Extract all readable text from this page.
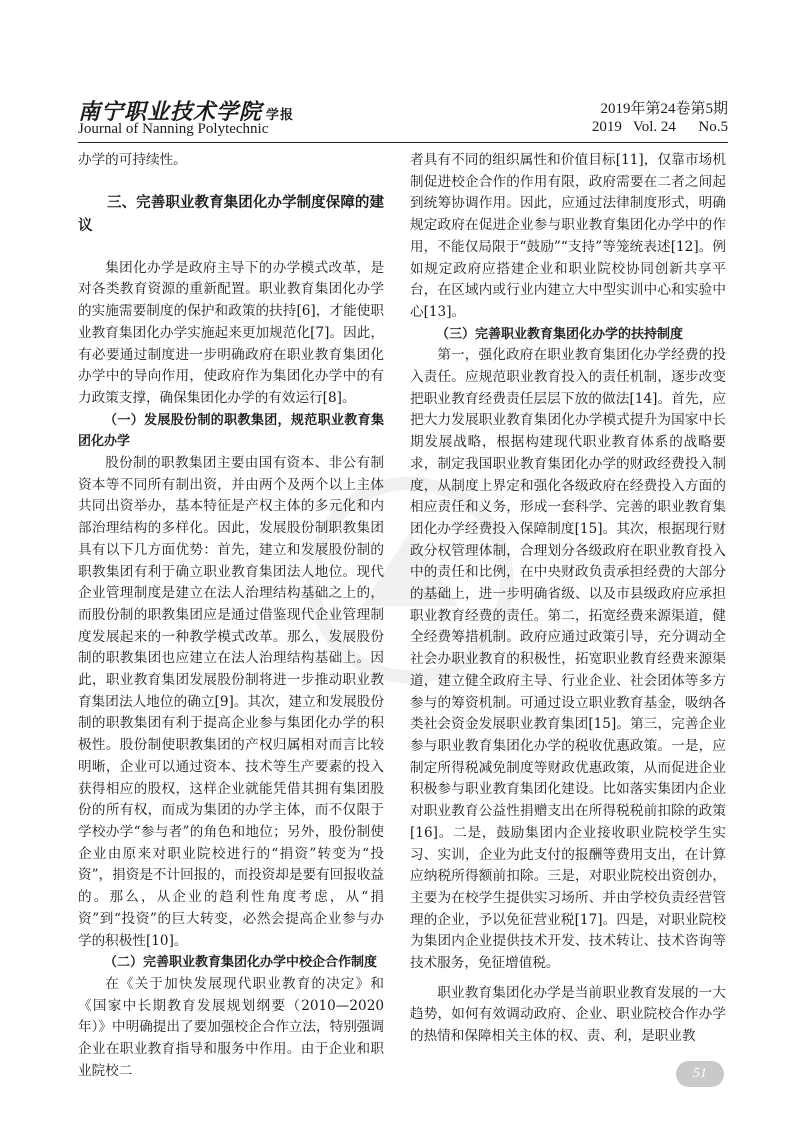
南宁职业技术学院 学报
Journal of Nanning Polytechnic
2019年第24卷第5期
2019   Vol. 24      No.5

办学的可持续性。

三、完善职业教育集团化办学制度保障的建议

集团化办学是政府主导下的办学模式改革，是对各类教育资源的重新配置。职业教育集团化办学的实施需要制度的保护和政策的扶持[6]，才能使职业教育集团化办学实施起来更加规范化[7]。因此，有必要通过制度进一步明确政府在职业教育集团化办学中的导向作用，使政府作为集团化办学中的有力政策支撑，确保集团化办学的有效运行[8]。

（一）发展股份制的职教集团，规范职业教育集团化办学

股份制的职教集团主要由国有资本、非公有制资本等不同所有制出资，并由两个及两个以上主体共同出资举办，基本特征是产权主体的多元化和内部治理结构的多样化。因此，发展股份制职教集团具有以下几方面优势：首先，建立和发展股份制的职教集团有利于确立职业教育集团法人地位。现代企业管理制度是建立在法人治理结构基础之上的，而股份制的职教集团应是通过借鉴现代企业管理制度发展起来的一种教学模式改革。那么，发展股份制的职教集团也应建立在法人治理结构基础上。因此，职业教育集团发展股份制将进一步推动职业教育集团法人地位的确立[9]。其次，建立和发展股份制的职教集团有利于提高企业参与集团化办学的积极性。股份制使职教集团的产权归属相对而言比较明晰，企业可以通过资本、技术等生产要素的投入获得相应的股权，这样企业就能凭借其拥有集团股份的所有权，而成为集团的办学主体，而不仅限于学校办学“参与者”的角色和地位；另外，股份制使企业由原来对职业院校进行的“捐资”转变为“投资”，捐资是不计回报的，而投资却是要有回报收益的。那么，从企业的趋利性角度考虑，从“捐资”到“投资”的巨大转变，必然会提高企业参与办学的积极性[10]。

（二）完善职业教育集团化办学中校企合作制度

在《关于加快发展现代职业教育的决定》和《国家中长期教育发展规划纲要（2010—2020年）》中明确提出了要加强校企合作立法，特别强调企业在职业教育指导和服务中作用。由于企业和职业院校二

者具有不同的组织属性和价值目标[11]，仅靠市场机制促进校企合作的作用有限，政府需要在二者之间起到统筹协调作用。因此，应通过法律制度形式，明确规定政府在促进企业参与职业教育集团化办学中的作用，不能仅局限于“鼓励”“支持”等笼统表述[12]。例如规定政府应搭建企业和职业院校协同创新共享平台，在区域内或行业内建立大中型实训中心和实验中心[13]。

（三）完善职业教育集团化办学的扶持制度

第一，强化政府在职业教育集团化办学经费的投入责任。应规范职业教育投入的责任机制，逐步改变把职业教育经费责任层层下放的做法[14]。首先，应把大力发展职业教育集团化办学模式提升为国家中长期发展战略，根据构建现代职业教育体系的战略要求，制定我国职业教育集团化办学的财政经费投入制度，从制度上界定和强化各级政府在经费投入方面的相应责任和义务，形成一套科学、完善的职业教育集团化办学经费投入保障制度[15]。其次，根据现行财政分权管理体制，合理划分各级政府在职业教育投入中的责任和比例，在中央财政负责承担经费的大部分的基础上，进一步明确省级、以及市县级政府应承担职业教育经费的责任。第二，拓宽经费来源渠道，健全经费筹措机制。政府应通过政策引导，充分调动全社会办职业教育的积极性，拓宽职业教育经费来源渠道，建立健全政府主导、行业企业、社会团体等多方参与的筹资机制。可通过设立职业教育基金，吸纳各类社会资金发展职业教育集团[15]。第三，完善企业参与职业教育集团化办学的税收优惠政策。一是，应制定所得税减免制度等财政优惠政策，从而促进企业积极参与职业教育集团化建设。比如落实集团内企业对职业教育公益性捐赠支出在所得税税前扣除的政策[16]。二是，鼓励集团内企业接收职业院校学生实习、实训，企业为此支付的报酬等费用支出，在计算应纳税所得额前扣除。三是，对职业院校出资创办，主要为在校学生提供实习场所、并由学校负责经营管理的企业，予以免征营业税[17]。四是，对职业院校为集团内企业提供技术开发、技术转让、技术咨询等技术服务，免征增值税。

职业教育集团化办学是当前职业教育发展的一大趋势，如何有效调动政府、企业、职业院校合作办学的热情和保障相关主体的权、责、利，是职业教

51
